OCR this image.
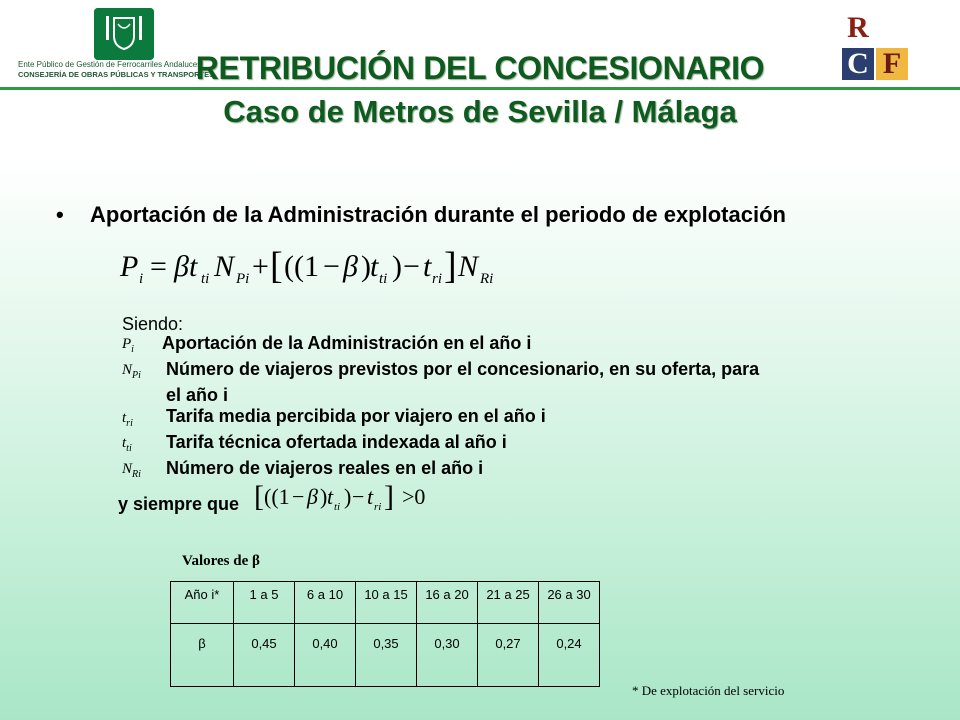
Ente Público de Gestión de Ferrocarriles Andaluces
CONSEJERÍA DE OBRAS PÚBLICAS Y TRANSPORTES
R
C F
RETRIBUCIÓN DEL CONCESIONARIO
Caso de Metros de Sevilla / Málaga
• Aportación de la Administración durante el periodo de explotación
P i = βt ti N Pi + [ ((1 − β ) t ti ) − t ri ] N Ri
Siendo:
$P_i$ Aportación de la Administración en el año i
$N_{Pi}$ Número de viajeros previstos por el concesionario, en su oferta, para
el año i
$t_{ri}$ Tarifa media percibida por viajero en el año i
$t_{ti}$ Tarifa técnica ofertada indexada al año i
$N_{Ri}$ Número de viajeros reales en el año i
y siempre que [ ((1 − β ) t ti ) − t ri ] >0
Valores de β
Año i*	1 a 5	6 a 10	10 a 15	16 a 20	21 a 25	26 a 30
β	0,45	0,40	0,35	0,30	0,27	0,24
* De explotación del servicio
